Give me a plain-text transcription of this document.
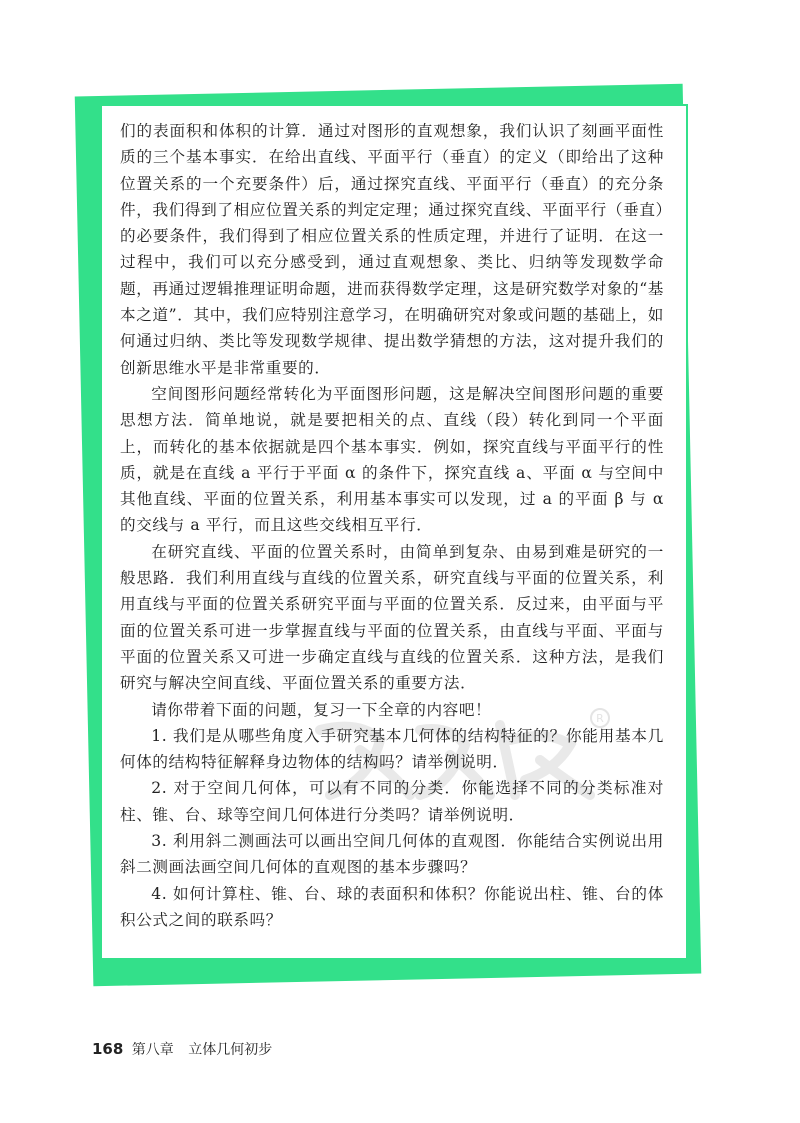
R

们的表面积和体积的计算．通过对图形的直观想象，我们认识了刻画平面性质的三个基本事实．在给出直线、平面平行（垂直）的定义（即给出了这种位置关系的一个充要条件）后，通过探究直线、平面平行（垂直）的充分条件，我们得到了相应位置关系的判定定理；通过探究直线、平面平行（垂直）的必要条件，我们得到了相应位置关系的性质定理，并进行了证明．在这一过程中，我们可以充分感受到，通过直观想象、类比、归纳等发现数学命题，再通过逻辑推理证明命题，进而获得数学定理，这是研究数学对象的“基本之道”．其中，我们应特别注意学习，在明确研究对象或问题的基础上，如何通过归纳、类比等发现数学规律、提出数学猜想的方法，这对提升我们的创新思维水平是非常重要的．

空间图形问题经常转化为平面图形问题，这是解决空间图形问题的重要思想方法．简单地说，就是要把相关的点、直线（段）转化到同一个平面上，而转化的基本依据就是四个基本事实．例如，探究直线与平面平行的性质，就是在直线 a 平行于平面 α 的条件下，探究直线 a、平面 α 与空间中其他直线、平面的位置关系，利用基本事实可以发现，过 a 的平面 β 与 α 的交线与 a 平行，而且这些交线相互平行．

在研究直线、平面的位置关系时，由简单到复杂、由易到难是研究的一般思路．我们利用直线与直线的位置关系，研究直线与平面的位置关系，利用直线与平面的位置关系研究平面与平面的位置关系．反过来，由平面与平面的位置关系可进一步掌握直线与平面的位置关系，由直线与平面、平面与平面的位置关系又可进一步确定直线与直线的位置关系．这种方法，是我们研究与解决空间直线、平面位置关系的重要方法．

请你带着下面的问题，复习一下全章的内容吧！

1. 我们是从哪些角度入手研究基本几何体的结构特征的？你能用基本几何体的结构特征解释身边物体的结构吗？请举例说明．

2. 对于空间几何体，可以有不同的分类．你能选择不同的分类标准对柱、锥、台、球等空间几何体进行分类吗？请举例说明．

3. 利用斜二测画法可以画出空间几何体的直观图．你能结合实例说出用斜二测画法画空间几何体的直观图的基本步骤吗？

4. 如何计算柱、锥、台、球的表面积和体积？你能说出柱、锥、台的体积公式之间的联系吗？

168 第八章 立体几何初步
